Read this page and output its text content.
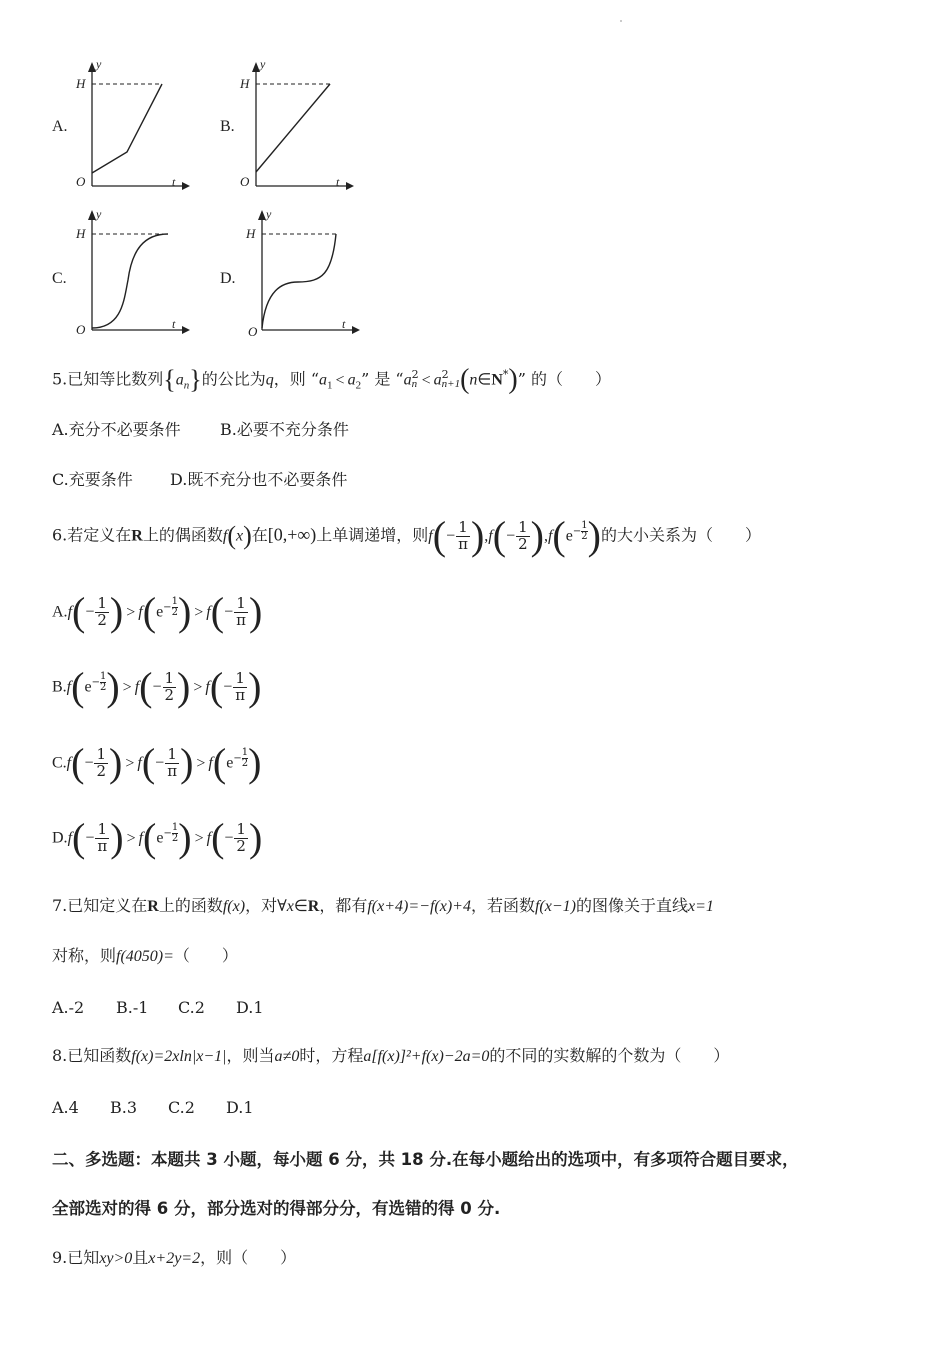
A.
y
H
O	t
B.
y
H
O	t
C.
y
H
O	t
D.
y
H
O	t
5.已知等比数列$\{a_n\}$的公比为q，则 “$a_1 < a_2$” 是 “a 2
n < a 2
n+1 (n∈N*)” 的（　　）
A.充分不必要条件 B.必要不充分条件
C.充要条件 D.既不充分也不必要条件
6.若定义在R上的偶函数f(x)在[0,+∞)上单调递增，则$f(- \frac{1}{\pi} ),f(- \frac{1}{2} ),f(e- \frac{1}{2}$ )的大小关系为（　　）
$A.f(- \frac{1}{2}$ ) > $f(e- \frac{1}{2}$ ) > $f(- \frac{1}{\pi}$ )
$B.f(e- \frac{1}{2}$ ) > $f(- \frac{1}{2}$ ) > $f(- \frac{1}{\pi}$ )
$C.f(- \frac{1}{2}$ ) > $f(- \frac{1}{\pi}$ ) > $f(e- \frac{1}{2}$ )
$D.f(- \frac{1}{\pi}$ ) > $f(e- \frac{1}{2}$ ) > $f(- \frac{1}{2}$ )
7.已知定义在R上的函数f(x)，对∀x∈R，都有f(x+4)=−f(x)+4，若函数f(x−1)的图像关于直线x=1
对称，则f(4050)=（　　）
A.-2 B.-1 C.2 D.1
8.已知函数f(x)=2xln|x−1|，则当a≠0时，方程a[f(x)]²+f(x)−2a=0的不同的实数解的个数为（　　）
A.4 B.3 C.2 D.1
二、多选题：本题共 3 小题，每小题 6 分，共 18 分.在每小题给出的选项中，有多项符合题目要求，
全部选对的得 6 分，部分选对的得部分分，有选错的得 0 分.
9.已知xy>0且x+2y=2，则（　　）
